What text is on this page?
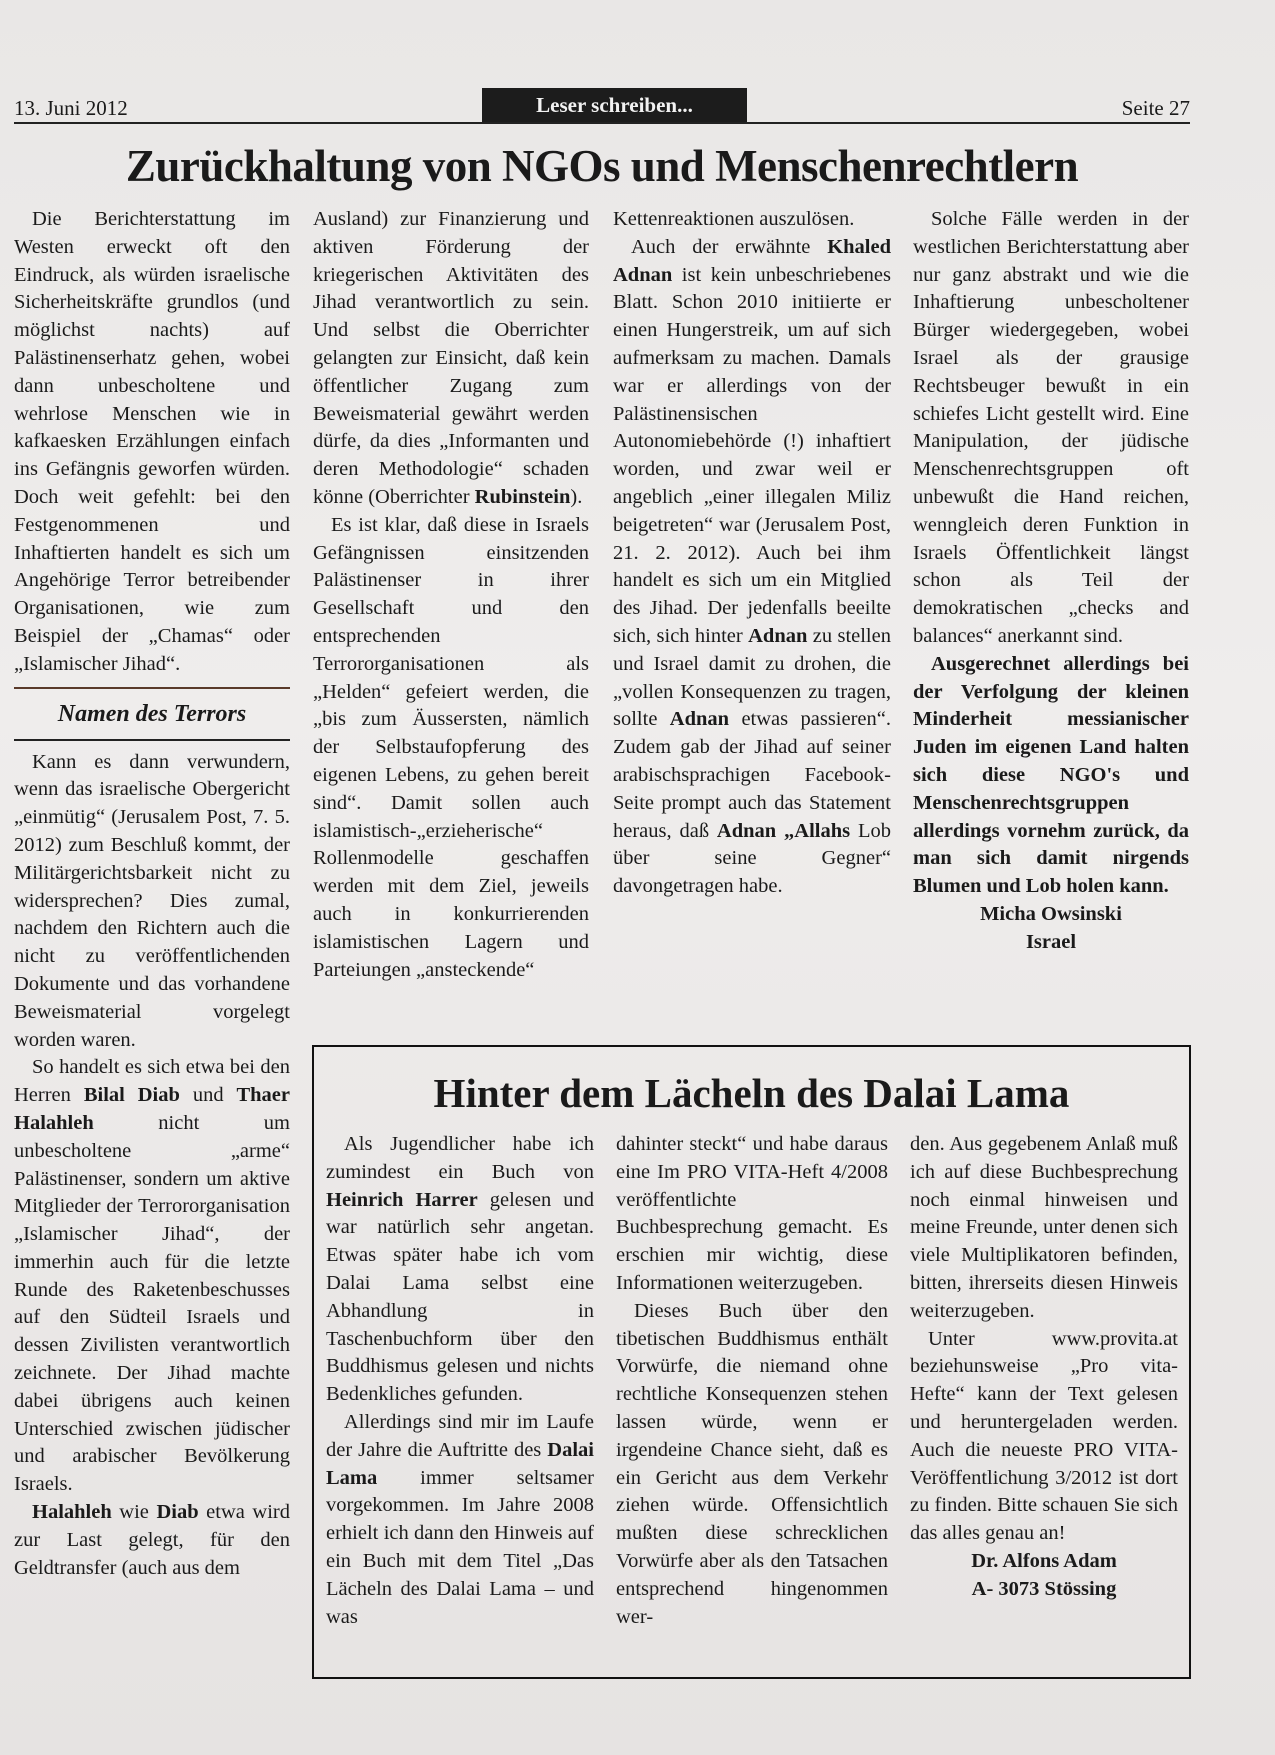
13. Juni 2012	Leser schreiben...	Seite 27
Zurückhaltung von NGOs und Menschenrechtlern

Die Berichterstattung im Westen erweckt oft den Eindruck, als würden israelische Sicherheitskräfte grundlos (und möglichst nachts) auf Palästinenserhatz gehen, wobei dann unbescholtene und wehrlose Menschen wie in kafkaesken Erzählungen einfach ins Gefängnis geworfen würden. Doch weit gefehlt: bei den Festgenommenen und Inhaftierten handelt es sich um Angehörige Terror betreibender Organisationen, wie zum Beispiel der „Chamas“ oder „Islamischer Jihad“.

Namen des Terrors

Kann es dann verwundern, wenn das israelische Obergericht „einmütig“ (Jerusalem Post, 7. 5. 2012) zum Beschluß kommt, der Militärgerichtsbarkeit nicht zu widersprechen? Dies zumal, nachdem den Richtern auch die nicht zu veröffentlichenden Dokumente und das vorhandene Beweismaterial vorgelegt worden waren.

So handelt es sich etwa bei den Herren Bilal Diab und Thaer Halahleh nicht um unbescholtene „arme“ Palästinenser, sondern um aktive Mitglieder der Terrororganisation „Islamischer Jihad“, der immerhin auch für die letzte Runde des Raketenbeschusses auf den Südteil Israels und dessen Zivilisten verantwortlich zeichnete. Der Jihad machte dabei übrigens auch keinen Unterschied zwischen jüdischer und arabischer Bevölkerung Israels.

Halahleh wie Diab etwa wird zur Last gelegt, für den Geldtransfer (auch aus dem

Ausland) zur Finanzierung und aktiven Förderung der kriegerischen Aktivitäten des Jihad verantwortlich zu sein. Und selbst die Oberrichter gelangten zur Einsicht, daß kein öffentlicher Zugang zum Beweismaterial gewährt werden dürfe, da dies „Informanten und deren Methodologie“ schaden könne (Oberrichter Rubinstein).

Es ist klar, daß diese in Israels Gefängnissen einsitzenden Palästinenser in ihrer Gesellschaft und den entsprechenden Terrororganisationen als „Helden“ gefeiert werden, die „bis zum Äussersten, nämlich der Selbstaufopferung des eigenen Lebens, zu gehen bereit sind“. Damit sollen auch islamistisch-„erzieherische“ Rollenmodelle geschaffen werden mit dem Ziel, jeweils auch in konkurrierenden islamistischen Lagern und Parteiungen „ansteckende“

Kettenreaktionen auszulösen.

Auch der erwähnte Khaled Adnan ist kein unbeschriebenes Blatt. Schon 2010 initiierte er einen Hungerstreik, um auf sich aufmerksam zu machen. Damals war er allerdings von der Palästinensischen Autonomiebehörde (!) inhaftiert worden, und zwar weil er angeblich „einer illegalen Miliz beigetreten“ war (Jerusalem Post, 21. 2. 2012). Auch bei ihm handelt es sich um ein Mitglied des Jihad. Der jedenfalls beeilte sich, sich hinter Adnan zu stellen und Israel damit zu drohen, die „vollen Konsequenzen zu tragen, sollte Adnan etwas passieren“. Zudem gab der Jihad auf seiner arabischsprachigen Facebook-Seite prompt auch das Statement heraus, daß Adnan „Allahs Lob über seine Gegner“ davongetragen habe.

Solche Fälle werden in der westlichen Berichterstattung aber nur ganz abstrakt und wie die Inhaftierung unbescholtener Bürger wiedergegeben, wobei Israel als der grausige Rechtsbeuger bewußt in ein schiefes Licht gestellt wird. Eine Manipulation, der jüdische Menschenrechtsgruppen oft unbewußt die Hand reichen, wenngleich deren Funktion in Israels Öffentlichkeit längst schon als Teil der demokratischen „checks and balances“ anerkannt sind.

Ausgerechnet allerdings bei der Verfolgung der kleinen Minderheit messianischer Juden im eigenen Land halten sich diese NGO's und Menschenrechtsgruppen allerdings vornehm zurück, da man sich damit nirgends Blumen und Lob holen kann.

Micha Owsinski

Israel

Hinter dem Lächeln des Dalai Lama

Als Jugendlicher habe ich zumindest ein Buch von Heinrich Harrer gelesen und war natürlich sehr angetan. Etwas später habe ich vom Dalai Lama selbst eine Abhandlung in Taschenbuchform über den Buddhismus gelesen und nichts Bedenkliches gefunden.

Allerdings sind mir im Laufe der Jahre die Auftritte des Dalai Lama immer seltsamer vorgekommen. Im Jahre 2008 erhielt ich dann den Hinweis auf ein Buch mit dem Titel „Das Lächeln des Dalai Lama – und was

dahinter steckt“ und habe daraus eine Im PRO VITA-Heft 4/2008 veröffentlichte Buchbesprechung gemacht. Es erschien mir wichtig, diese Informationen weiterzugeben.

Dieses Buch über den tibetischen Buddhismus enthält Vorwürfe, die niemand ohne rechtliche Konsequenzen stehen lassen würde, wenn er irgendeine Chance sieht, daß es ein Gericht aus dem Verkehr ziehen würde. Offensichtlich mußten diese schrecklichen Vorwürfe aber als den Tatsachen entsprechend hingenommen wer-

den. Aus gegebenem Anlaß muß ich auf diese Buchbesprechung noch einmal hinweisen und meine Freunde, unter denen sich viele Multiplikatoren befinden, bitten, ihrerseits diesen Hinweis weiterzugeben.

Unter www.provita.at beziehunsweise „Pro vita-Hefte“ kann der Text gelesen und heruntergeladen werden. Auch die neueste PRO VITA-Veröffentlichung 3/2012 ist dort zu finden. Bitte schauen Sie sich das alles genau an!

Dr. Alfons Adam

A- 3073 Stössing
